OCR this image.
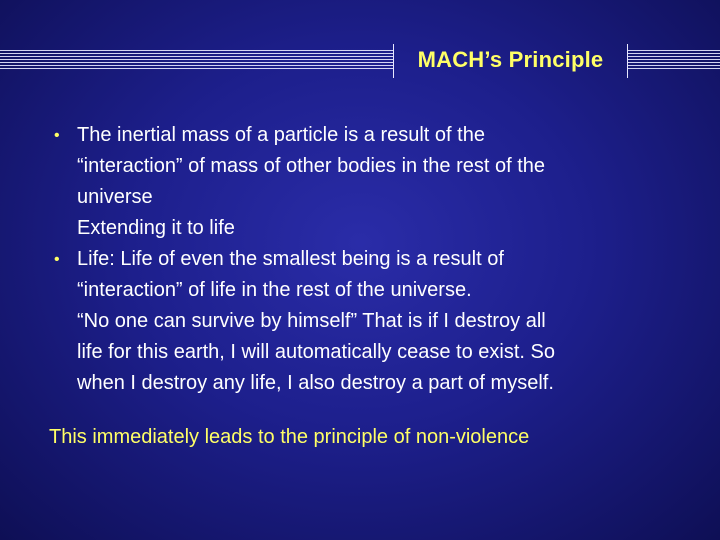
MACH’s Principle
• The inertial mass of a particle is a result of the
“interaction” of mass of other bodies in the rest of the
universe
Extending it to life
• Life: Life of even the smallest being is a result of
“interaction” of life in the rest of the universe.
“No one can survive by himself” That is if I destroy all
life for this earth, I will automatically cease to exist. So
when I destroy any life, I also destroy a part of myself.
This immediately leads to the principle of non-violence
